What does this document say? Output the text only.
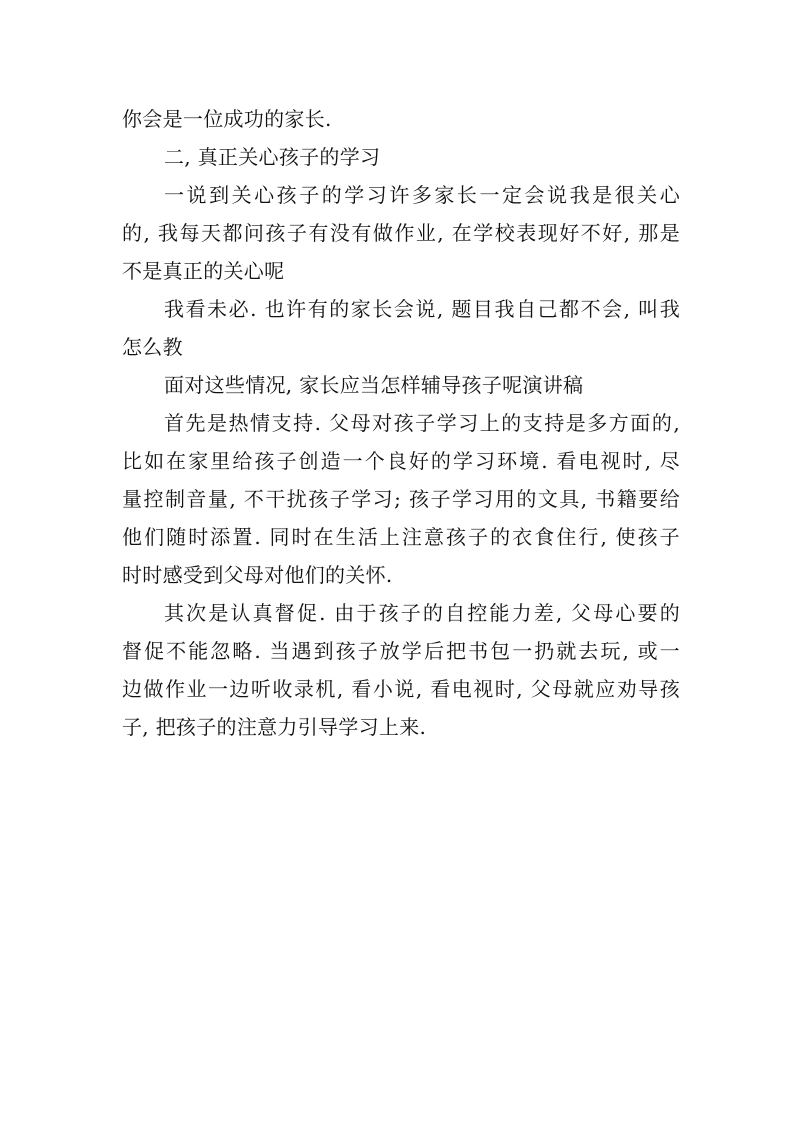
你会是一位成功的家长.
二, 真正关心孩子的学习
一说到关心孩子的学习许多家长一定会说我是很关心
的, 我每天都问孩子有没有做作业, 在学校表现好不好, 那是
不是真正的关心呢
我看未必. 也许有的家长会说, 题目我自己都不会, 叫我
怎么教
面对这些情况, 家长应当怎样辅导孩子呢演讲稿
首先是热情支持. 父母对孩子学习上的支持是多方面的,
比如在家里给孩子创造一个良好的学习环境. 看电视时, 尽
量控制音量, 不干扰孩子学习; 孩子学习用的文具, 书籍要给
他们随时添置. 同时在生活上注意孩子的衣食住行, 使孩子
时时感受到父母对他们的关怀.
其次是认真督促. 由于孩子的自控能力差, 父母心要的
督促不能忽略. 当遇到孩子放学后把书包一扔就去玩, 或一
边做作业一边听收录机, 看小说, 看电视时, 父母就应劝导孩
子, 把孩子的注意力引导学习上来.
